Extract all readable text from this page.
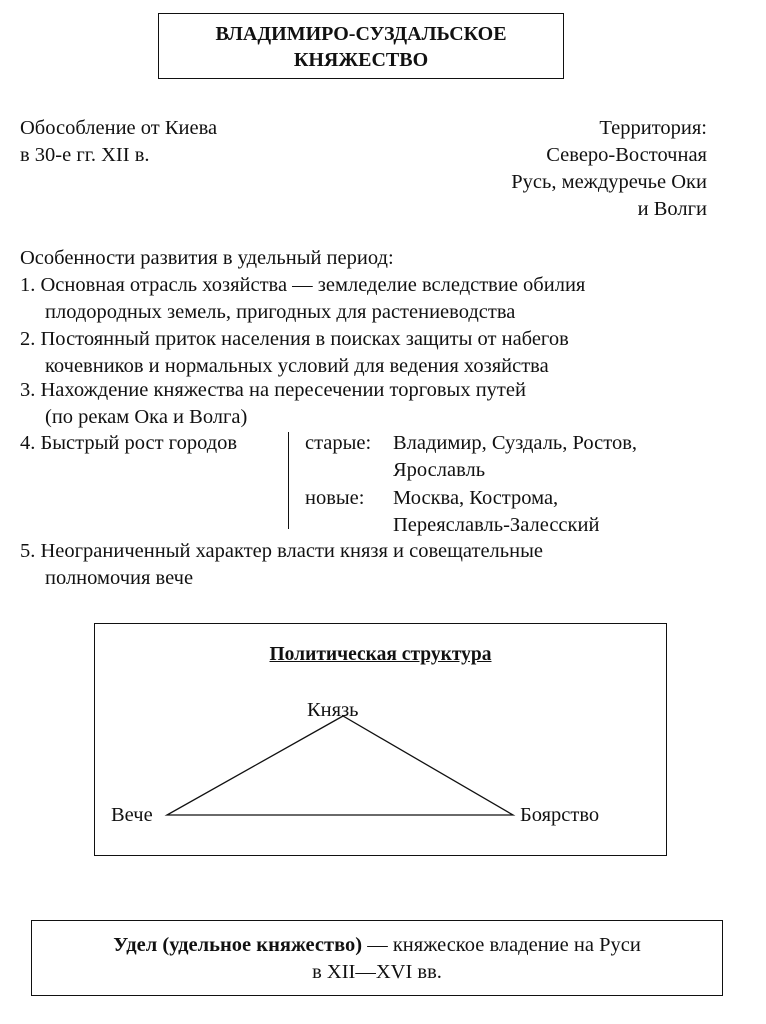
ВЛАДИМИРО-СУЗДАЛЬСКОЕ
КНЯЖЕСТВО
Обособление от Киева
в 30-е гг. XII в.
Территория:
Северо-Восточная
Русь, междуречье Оки
и Волги
Особенности развития в удельный период:
1. Основная отрасль хозяйства — земледелие вследствие обилия
плодородных земель, пригодных для растениеводства
2. Постоянный приток населения в поисках защиты от набегов
кочевников и нормальных условий для ведения хозяйства
3. Нахождение княжества на пересечении торговых путей
(по рекам Ока и Волга)
4. Быстрый рост городов	старые: Владимир, Суздаль, Ростов,
Ярославль
новые: Москва, Кострома,
Переяславль-Залесский
5. Неограниченный характер власти князя и совещательные
полномочия вече
Политическая структура
Князь
Вече	Боярство
Удел (удельное княжество) — княжеское владение на Руси
в XII—XVI вв.
